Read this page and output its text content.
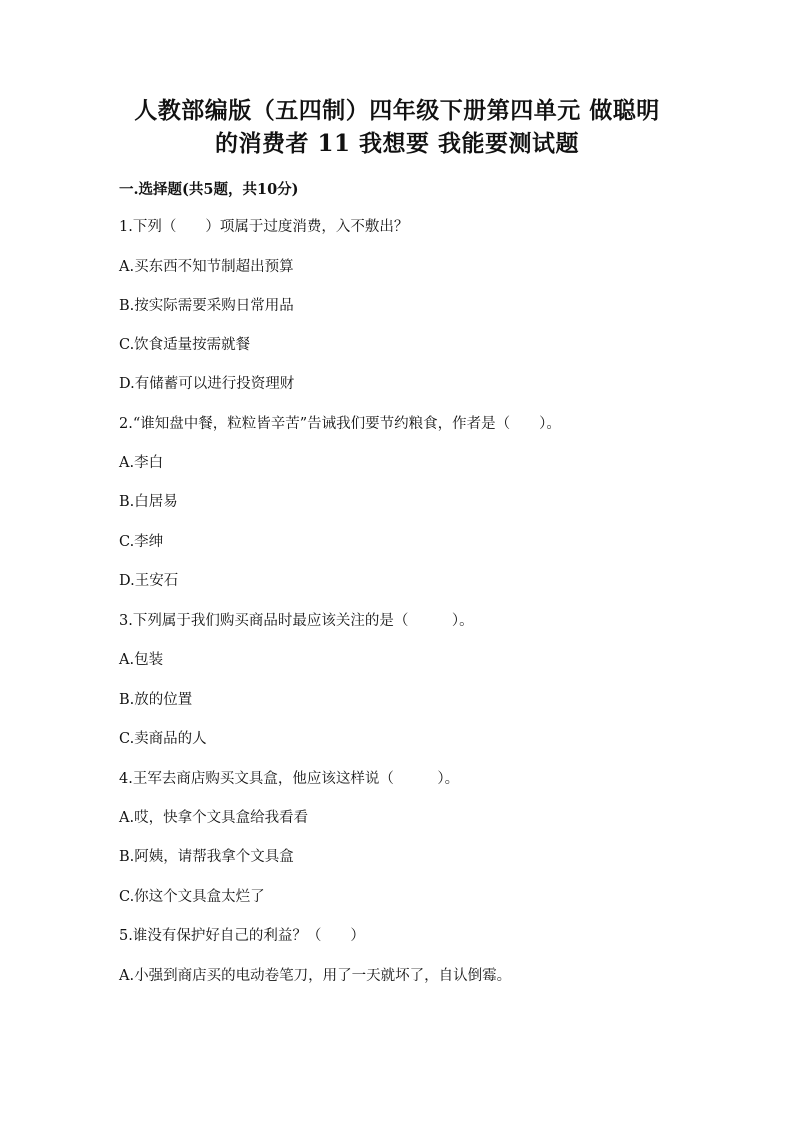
人教部编版（五四制）四年级下册第四单元 做聪明
的消费者 11 我想要 我能要测试题
一.选择题(共5题，共10分)
1.下列（　　）项属于过度消费，入不敷出？
A.买东西不知节制超出预算
B.按实际需要采购日常用品
C.饮食适量按需就餐
D.有储蓄可以进行投资理财
2.“谁知盘中餐，粒粒皆辛苦”告诫我们要节约粮食，作者是（　　）。
A.李白
B.白居易
C.李绅
D.王安石
3.下列属于我们购买商品时最应该关注的是（　　　）。
A.包装
B.放的位置
C.卖商品的人
4.王军去商店购买文具盒，他应该这样说（　　　）。
A.哎，快拿个文具盒给我看看
B.阿姨，请帮我拿个文具盒
C.你这个文具盒太烂了
5.谁没有保护好自己的利益？（　　）
A.小强到商店买的电动卷笔刀，用了一天就坏了，自认倒霉。
